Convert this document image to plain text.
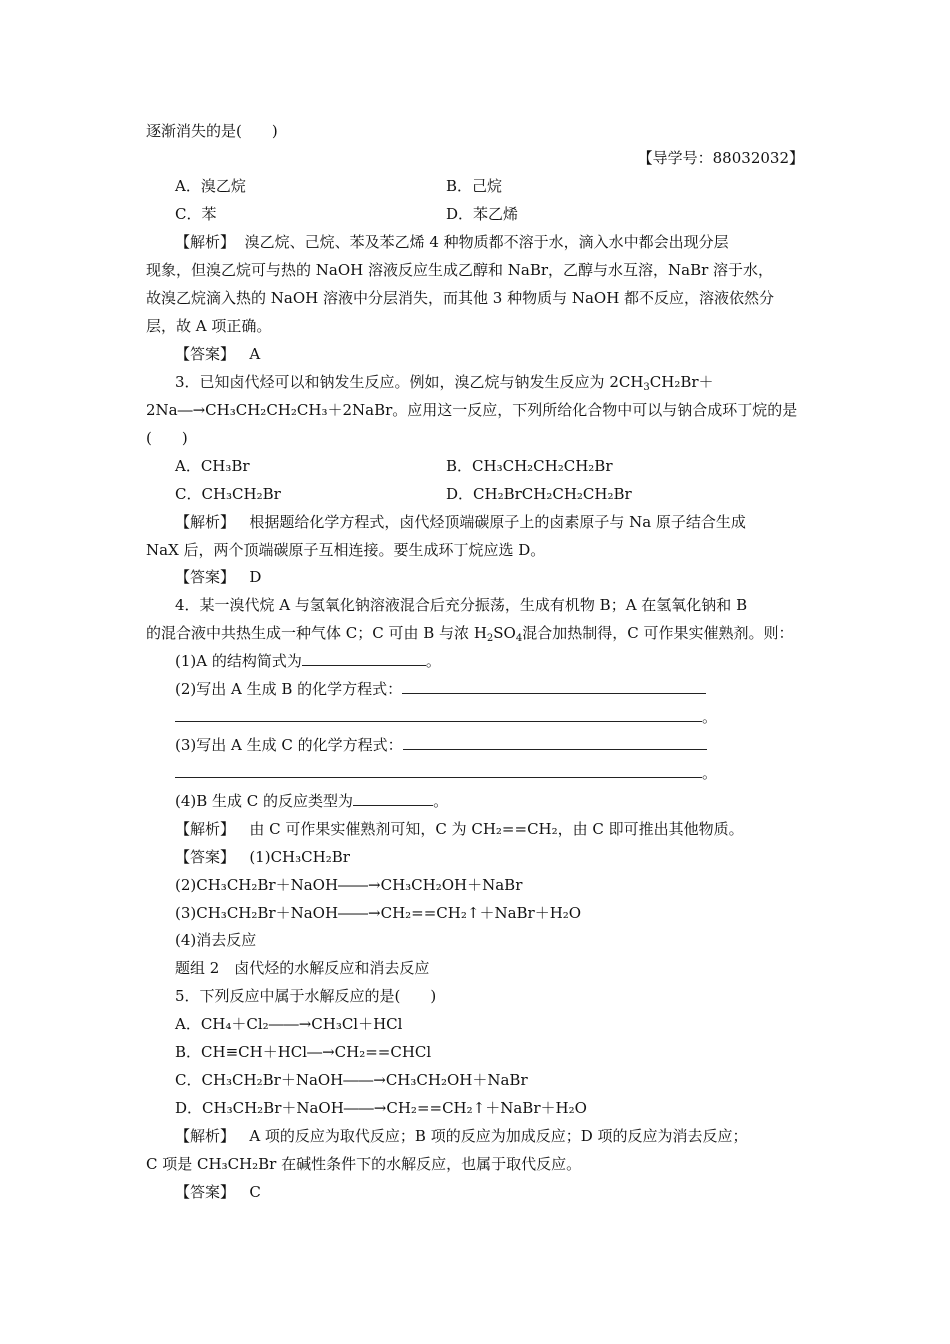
逐渐消失的是(　　)
【导学号：88032032】
A．溴乙烷	B．己烷
C．苯	D．苯乙烯
【解析】 溴乙烷、己烷、苯及苯乙烯 4 种物质都不溶于水，滴入水中都会出现分层
现象，但溴乙烷可与热的 NaOH 溶液反应生成乙醇和 NaBr，乙醇与水互溶，NaBr 溶于水，
故溴乙烷滴入热的 NaOH 溶液中分层消失，而其他 3 种物质与 NaOH 都不反应，溶液依然分
层，故 A 项正确。
【答案】 A
3．已知卤代烃可以和钠发生反应。例如，溴乙烷与钠发生反应为 $2CH_3CH_2Br+$
2Na―→CH₃CH₂CH₂CH₃＋2NaBr。应用这一反应，下列所给化合物中可以与钠合成环丁烷的是
(　　)
A．CH₃Br	B．CH₃CH₂CH₂CH₂Br
C．CH₃CH₂Br	D．CH₂BrCH₂CH₂CH₂Br
【解析】 根据题给化学方程式，卤代烃顶端碳原子上的卤素原子与 Na 原子结合生成
NaX 后，两个顶端碳原子互相连接。要生成环丁烷应选 D。
【答案】 D
4．某一溴代烷 A 与氢氧化钠溶液混合后充分振荡，生成有机物 B；A 在氢氧化钠和 B
的混合液中共热生成一种气体 C；C 可由 B 与浓 $H_2SO_4$混合加热制得，C 可作果实催熟剂。则：
(1)A 的结构简式为	。
(2)写出 A 生成 B 的化学方程式：
。
(3)写出 A 生成 C 的化学方程式：
。
(4)B 生成 C 的反应类型为	。
【解析】 由 C 可作果实催熟剂可知，C 为 CH₂==CH₂，由 C 即可推出其他物质。
【答案】 (1)CH₃CH₂Br
(2)CH₃CH₂Br＋NaOH――→CH₃CH₂OH＋NaBr
(3)CH₃CH₂Br＋NaOH――→CH₂==CH₂↑＋NaBr＋H₂O
(4)消去反应
题组 2　卤代烃的水解反应和消去反应
5．下列反应中属于水解反应的是(　　)
A．CH₄＋Cl₂――→CH₃Cl＋HCl
B．CH≡CH＋HCl―→CH₂==CHCl
C．CH₃CH₂Br＋NaOH――→CH₃CH₂OH＋NaBr
D．CH₃CH₂Br＋NaOH――→CH₂==CH₂↑＋NaBr＋H₂O
【解析】 A 项的反应为取代反应；B 项的反应为加成反应；D 项的反应为消去反应；
C 项是 CH₃CH₂Br 在碱性条件下的水解反应，也属于取代反应。
【答案】 C
